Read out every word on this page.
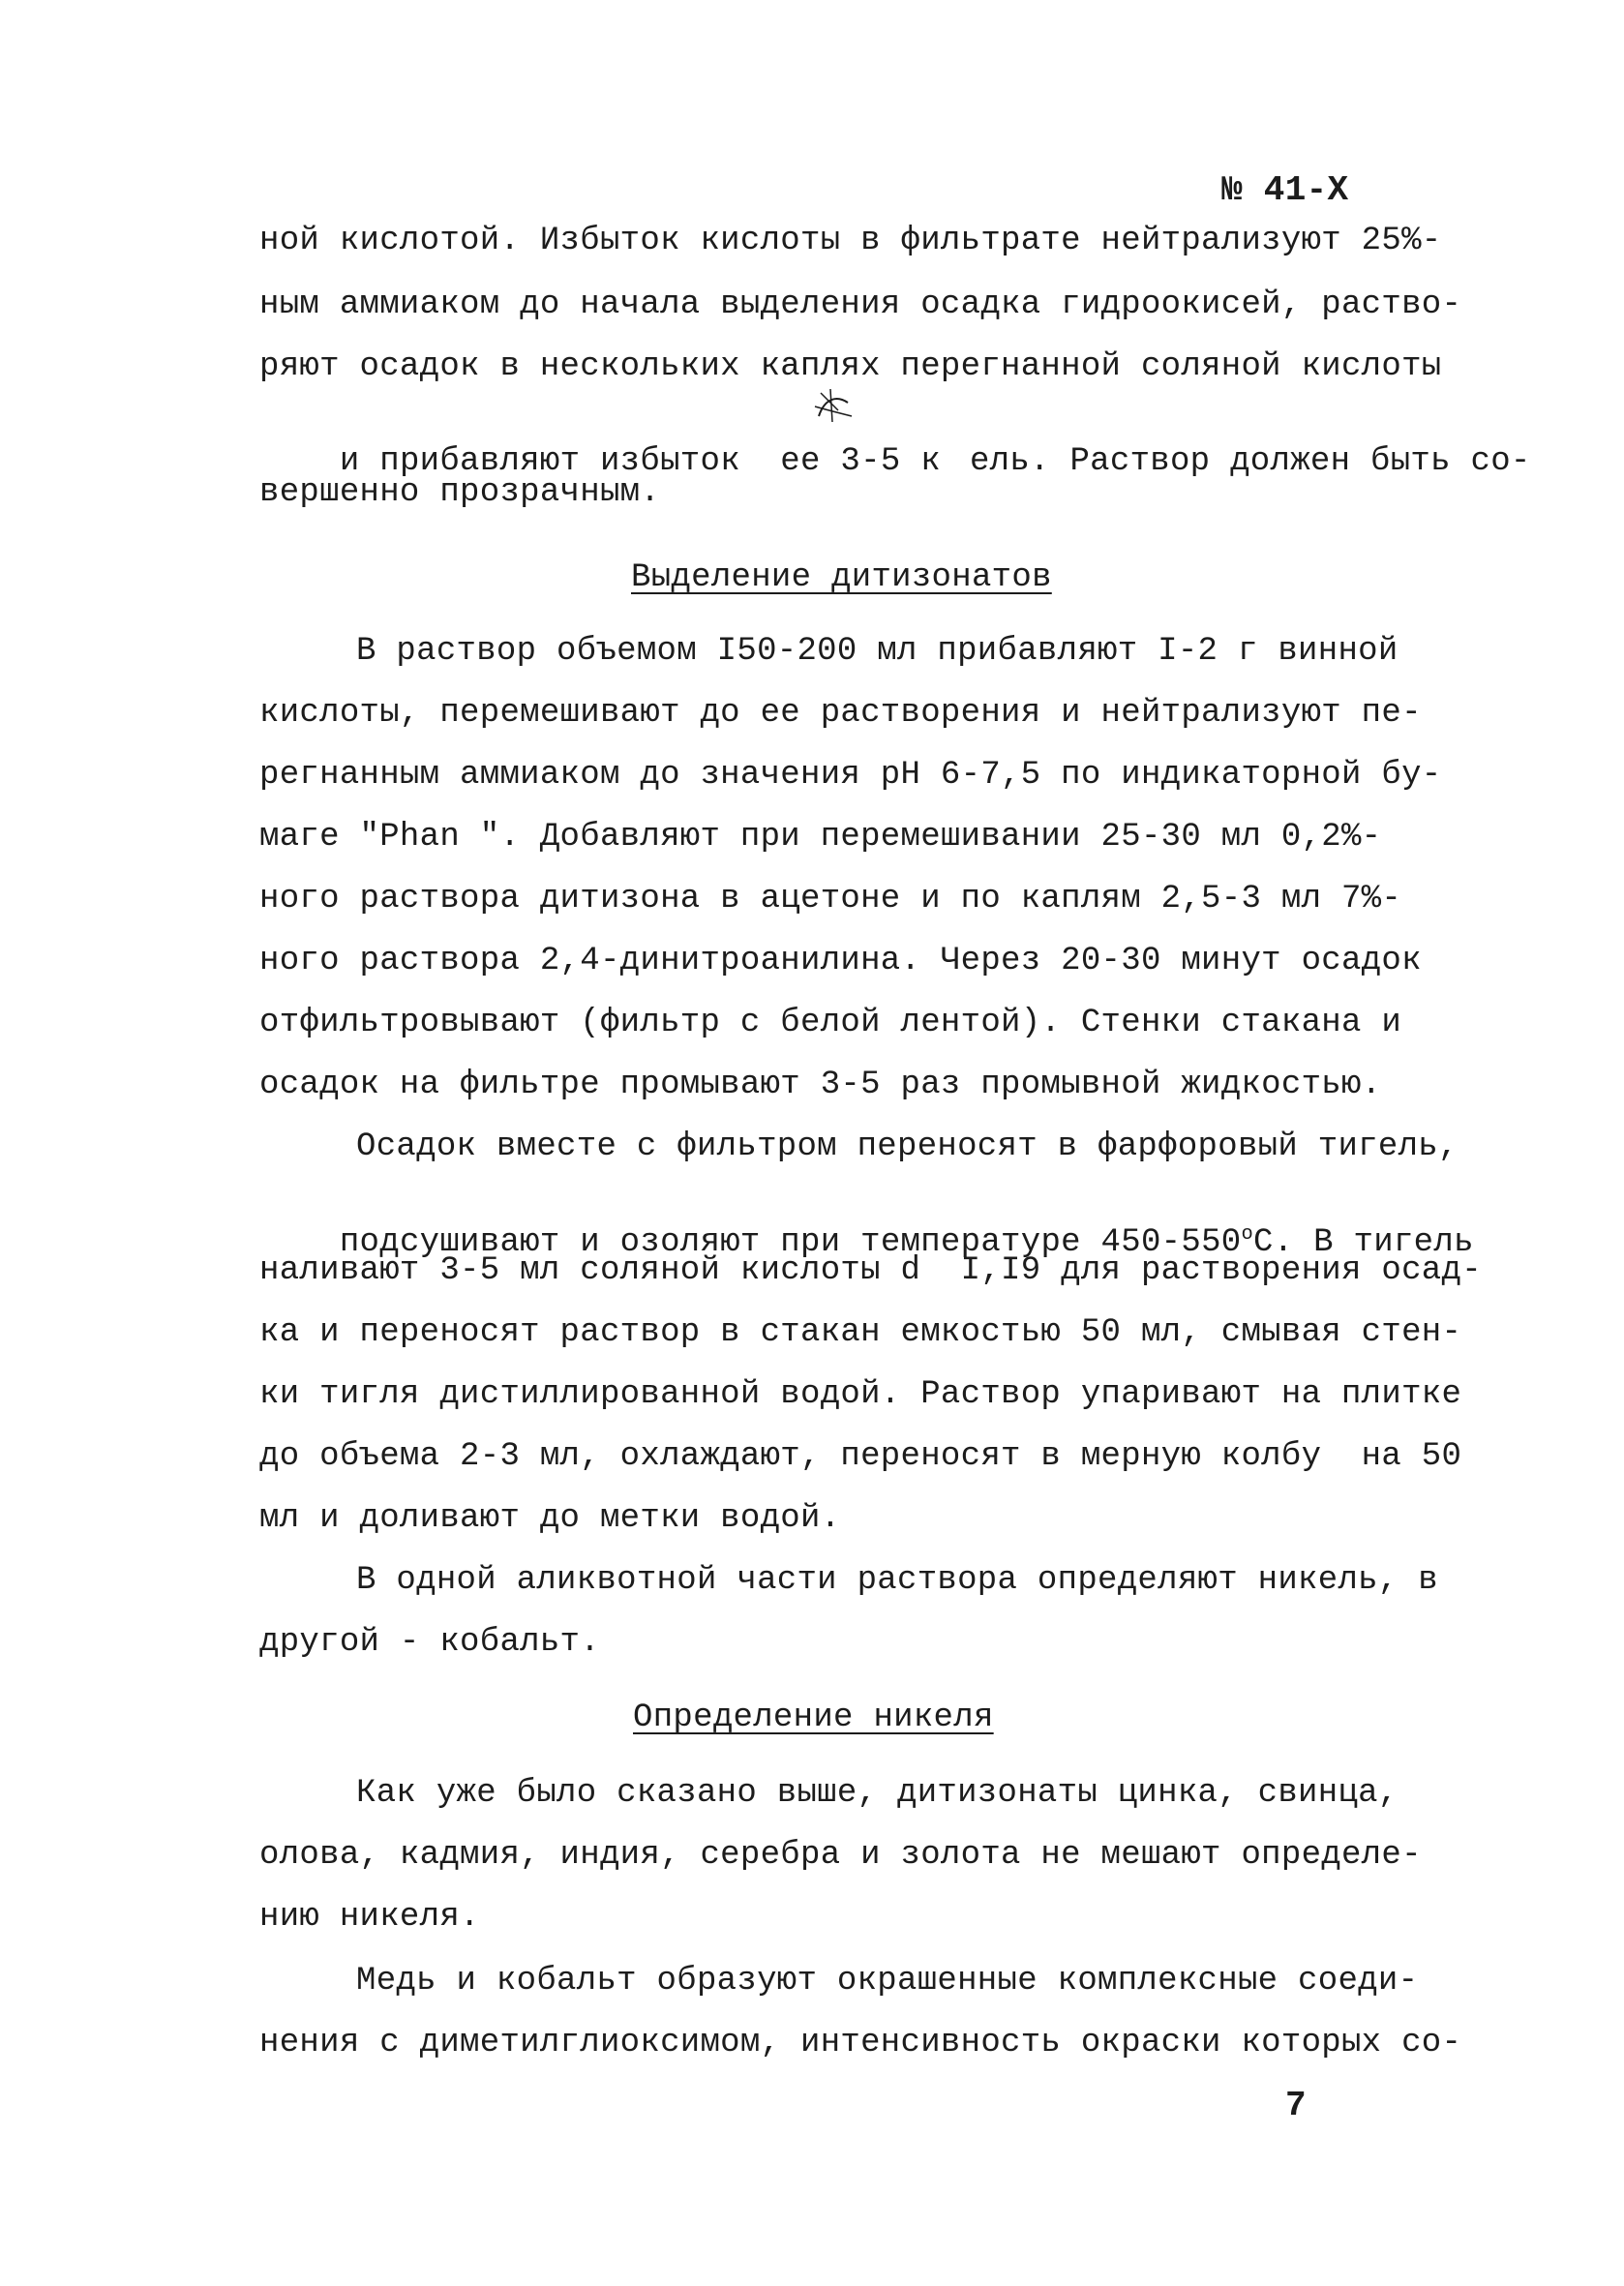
№ 41-Х
ной кислотой. Избыток кислоты в фильтрате нейтрализуют 25%-
ным аммиаком до начала выделения осадка гидроокисей, раство-
ряют осадок в нескольких каплях перегнанной соляной кислоты

и прибавляют избыток  ее 3-5 к ель. Раствор должен быть со-

вершенно прозрачным.
Выделение дитизонатов
В раствор объемом I50-200 мл прибавляют I-2 г винной
кислоты, перемешивают до ее растворения и нейтрализуют пе-
регнанным аммиаком до значения рН 6-7,5 по индикаторной бу-
маге "Phan ". Добавляют при перемешивании 25-30 мл 0,2%-
ного раствора дитизона в ацетоне и по каплям 2,5-3 мл 7%-
ного раствора 2,4-динитроанилина. Через 20-30 минут осадок
отфильтровывают (фильтр с белой лентой). Стенки стакана и
осадок на фильтре промывают 3-5 раз промывной жидкостью.
Осадок вместе с фильтром переносят в фарфоровый тигель,

подсушивают и озоляют при температуре $450-550^оС$. В тигель

наливают 3-5 мл соляной кислоты d  I,I9 для растворения осад-
ка и переносят раствор в стакан емкостью 50 мл, смывая стен-
ки тигля дистиллированной водой. Раствор упаривают на плитке
до объема 2-3 мл, охлаждают, переносят в мерную колбу  на 50
мл и доливают до метки водой.
В одной аликвотной части раствора определяют никель, в
другой - кобальт.
Определение никеля
Как уже было сказано выше, дитизонаты цинка, свинца,
олова, кадмия, индия, серебра и золота не мешают определе-
нию никеля.
Медь и кобальт образуют окрашенные комплексные соеди-
нения с диметилглиоксимом, интенсивность окраски которых со-
7
